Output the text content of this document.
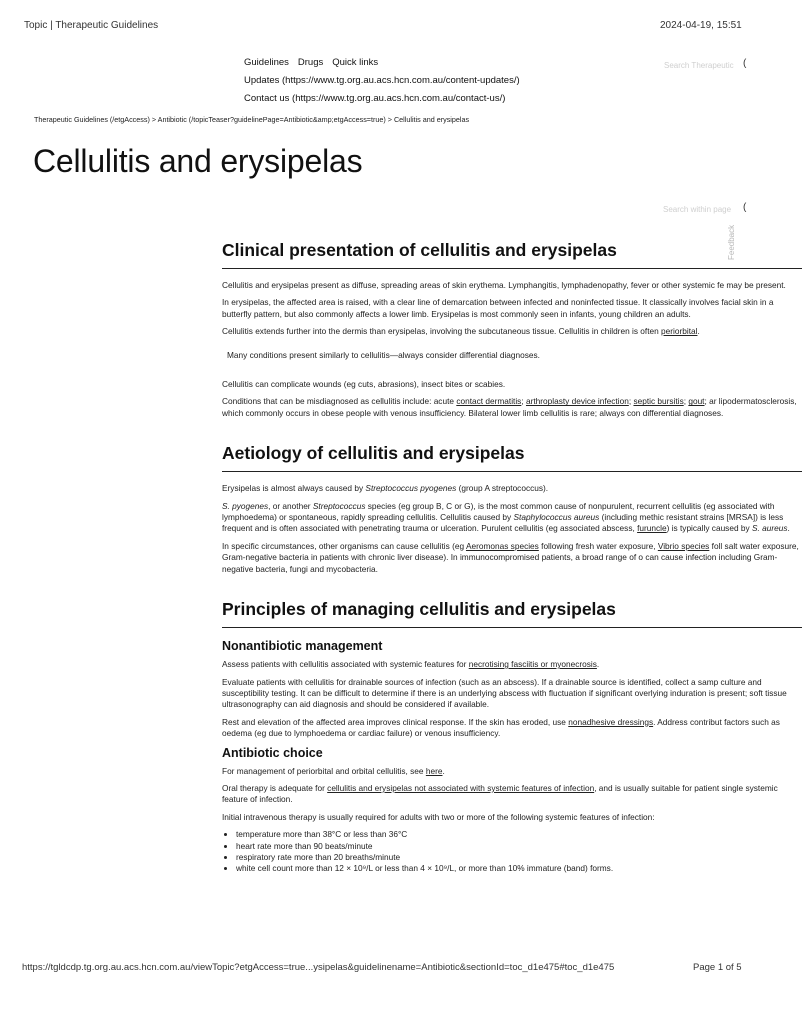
Topic | Therapeutic Guidelines	2024-04-19, 15:51
Guidelines Drugs Quick links
Updates (https://www.tg.org.au.acs.hcn.com.au/content-updates/)
Contact us (https://www.tg.org.au.acs.hcn.com.au/contact-us/)
Search Therapeutic (
Therapeutic Guidelines (/etgAccess) > Antibiotic (/topicTeaser?guidelinePage=Antibiotic&amp;etgAccess=true) > Cellulitis and erysipelas
Cellulitis and erysipelas
Search within page (
Feedback
Clinical presentation of cellulitis and erysipelas

Cellulitis and erysipelas present as diffuse, spreading areas of skin erythema. Lymphangitis, lymphadenopathy, fever or other systemic fe may be present.

In erysipelas, the affected area is raised, with a clear line of demarcation between infected and noninfected tissue. It classically involves facial skin in a butterfly pattern, but also commonly affects a lower limb. Erysipelas is most commonly seen in infants, young children an adults.

Cellulitis extends further into the dermis than erysipelas, involving the subcutaneous tissue. Cellulitis in children is often periorbital.

Many conditions present similarly to cellulitis—always consider differential diagnoses.

Cellulitis can complicate wounds (eg cuts, abrasions), insect bites or scabies.

Conditions that can be misdiagnosed as cellulitis include: acute contact dermatitis; arthroplasty device infection; septic bursitis; gout; ar lipodermatosclerosis, which commonly occurs in obese people with venous insufficiency. Bilateral lower limb cellulitis is rare; always con differential diagnoses.

Aetiology of cellulitis and erysipelas

Erysipelas is almost always caused by Streptococcus pyogenes (group A streptococcus).

S. pyogenes, or another Streptococcus species (eg group B, C or G), is the most common cause of nonpurulent, recurrent cellulitis (eg associated with lymphoedema) or spontaneous, rapidly spreading cellulitis. Cellulitis caused by Staphylococcus aureus (including methic resistant strains [MRSA]) is less frequent and is often associated with penetrating trauma or ulceration. Purulent cellulitis (eg associated abscess, furuncle) is typically caused by S. aureus.

In specific circumstances, other organisms can cause cellulitis (eg Aeromonas species following fresh water exposure, Vibrio species foll salt water exposure, Gram-negative bacteria in patients with chronic liver disease). In immunocompromised patients, a broad range of o can cause infection including Gram-negative bacteria, fungi and mycobacteria.

Principles of managing cellulitis and erysipelas
Nonantibiotic management

Assess patients with cellulitis associated with systemic features for necrotising fasciitis or myonecrosis.

Evaluate patients with cellulitis for drainable sources of infection (such as an abscess). If a drainable source is identified, collect a samp culture and susceptibility testing. It can be difficult to determine if there is an underlying abscess with fluctuation if significant overlying induration is present; soft tissue ultrasonography can aid diagnosis and should be considered if available.

Rest and elevation of the affected area improves clinical response. If the skin has eroded, use nonadhesive dressings. Address contribut factors such as oedema (eg due to lymphoedema or cardiac failure) or venous insufficiency.

Antibiotic choice

For management of periorbital and orbital cellulitis, see here.

Oral therapy is adequate for cellulitis and erysipelas not associated with systemic features of infection, and is usually suitable for patient single systemic feature of infection.

Initial intravenous therapy is usually required for adults with two or more of the following systemic features of infection:

• temperature more than 38°C or less than 36°C
• heart rate more than 90 beats/minute
• respiratory rate more than 20 breaths/minute
• white cell count more than 12 × 10⁹/L or less than 4 × 10⁹/L, or more than 10% immature (band) forms.
https://tgldcdp.tg.org.au.acs.hcn.com.au/viewTopic?etgAccess=true...ysipelas&guidelinename=Antibiotic&sectionId=toc_d1e475#toc_d1e475	Page 1 of 5
